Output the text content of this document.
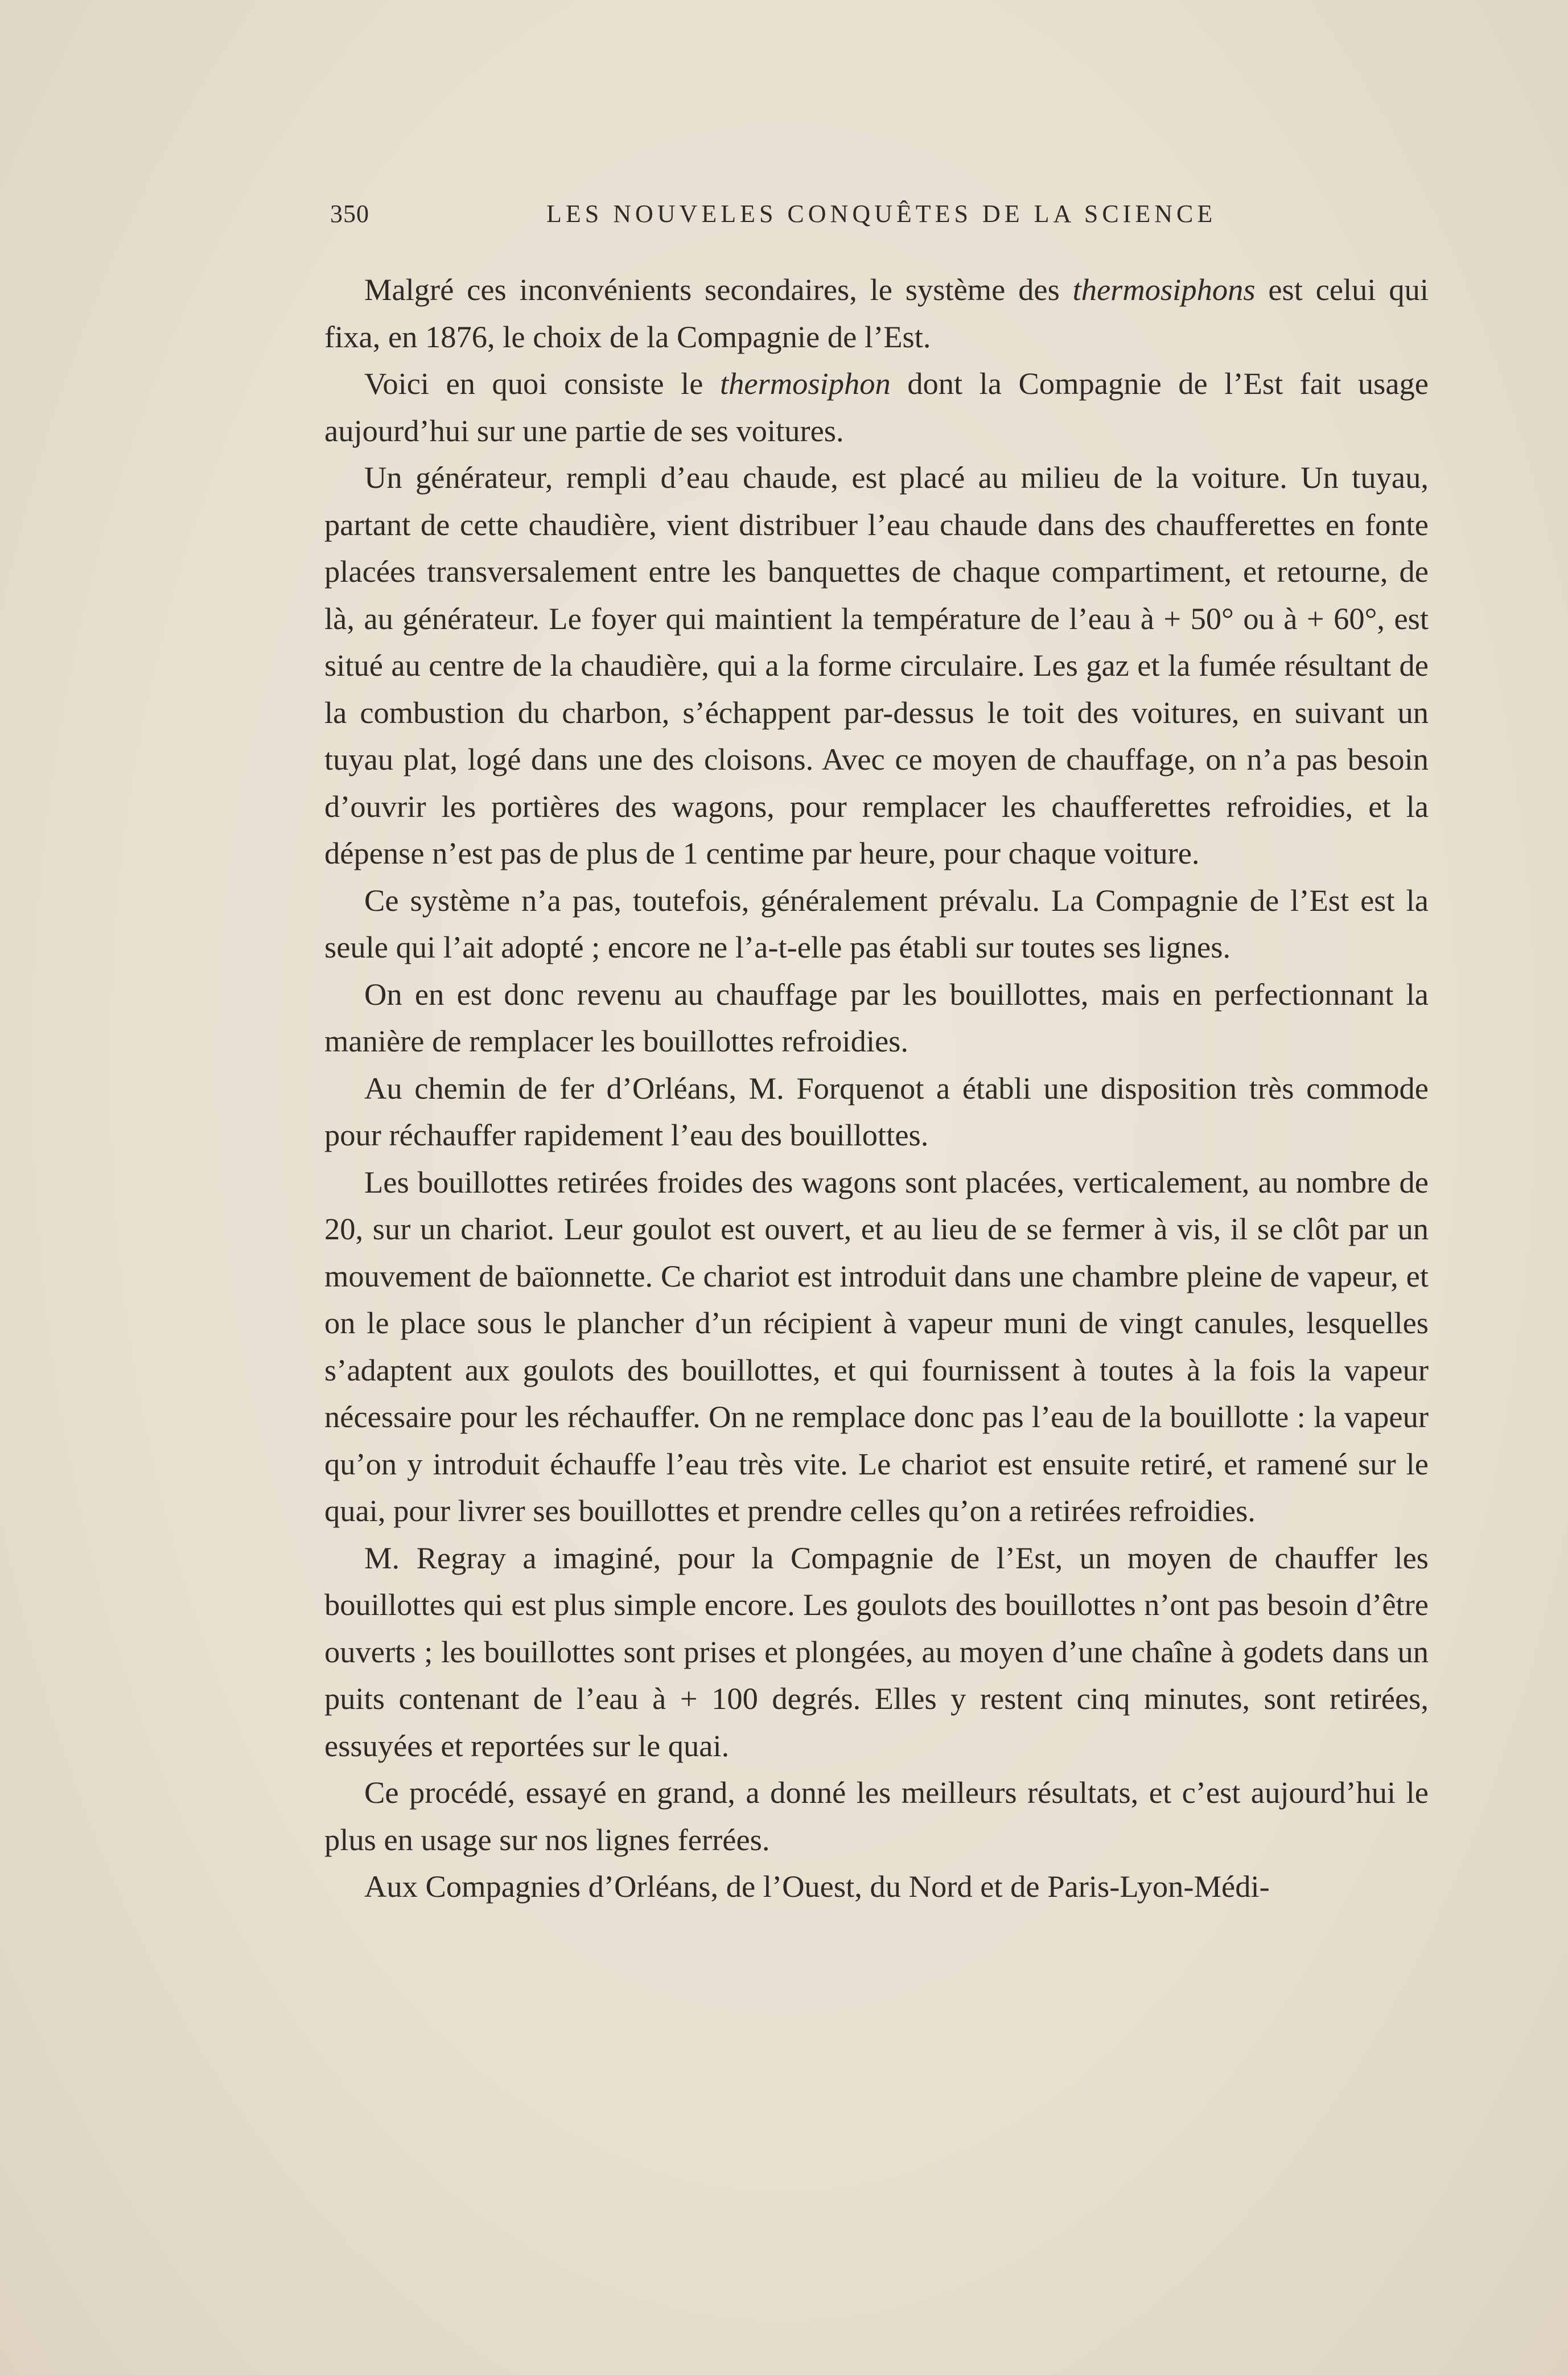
350	LES NOUVELES CONQUÊTES DE LA SCIENCE

Malgré ces inconvénients secondaires, le système des thermosiphons est celui qui fixa, en 1876, le choix de la Compagnie de l’Est.

Voici en quoi consiste le thermosiphon dont la Compagnie de l’Est fait usage aujourd’hui sur une partie de ses voitures.

Un générateur, rempli d’eau chaude, est placé au milieu de la voiture. Un tuyau, partant de cette chaudière, vient distribuer l’eau chaude dans des chaufferettes en fonte placées transversalement entre les banquettes de chaque compartiment, et retourne, de là, au générateur. Le foyer qui maintient la température de l’eau à + 50° ou à + 60°, est situé au centre de la chaudière, qui a la forme circulaire. Les gaz et la fumée résultant de la combustion du charbon, s’échappent par-dessus le toit des voitures, en suivant un tuyau plat, logé dans une des cloisons. Avec ce moyen de chauffage, on n’a pas besoin d’ouvrir les portières des wagons, pour remplacer les chaufferettes refroidies, et la dépense n’est pas de plus de 1 centime par heure, pour chaque voiture.

Ce système n’a pas, toutefois, généralement prévalu. La Compagnie de l’Est est la seule qui l’ait adopté ; encore ne l’a-t-elle pas établi sur toutes ses lignes.

On en est donc revenu au chauffage par les bouillottes, mais en perfectionnant la manière de remplacer les bouillottes refroidies.

Au chemin de fer d’Orléans, M. Forquenot a établi une disposition très commode pour réchauffer rapidement l’eau des bouillottes.

Les bouillottes retirées froides des wagons sont placées, verticalement, au nombre de 20, sur un chariot. Leur goulot est ouvert, et au lieu de se fermer à vis, il se clôt par un mouvement de baïonnette. Ce chariot est introduit dans une chambre pleine de vapeur, et on le place sous le plancher d’un récipient à vapeur muni de vingt canules, lesquelles s’adaptent aux goulots des bouillottes, et qui fournissent à toutes à la fois la vapeur nécessaire pour les réchauffer. On ne remplace donc pas l’eau de la bouillotte : la vapeur qu’on y introduit échauffe l’eau très vite. Le chariot est ensuite retiré, et ramené sur le quai, pour livrer ses bouillottes et prendre celles qu’on a retirées refroidies.

M. Regray a imaginé, pour la Compagnie de l’Est, un moyen de chauffer les bouillottes qui est plus simple encore. Les goulots des bouillottes n’ont pas besoin d’être ouverts ; les bouillottes sont prises et plongées, au moyen d’une chaîne à godets dans un puits contenant de l’eau à + 100 degrés. Elles y restent cinq minutes, sont retirées, essuyées et reportées sur le quai.

Ce procédé, essayé en grand, a donné les meilleurs résultats, et c’est aujourd’hui le plus en usage sur nos lignes ferrées.

Aux Compagnies d’Orléans, de l’Ouest, du Nord et de Paris-Lyon-Médi-
